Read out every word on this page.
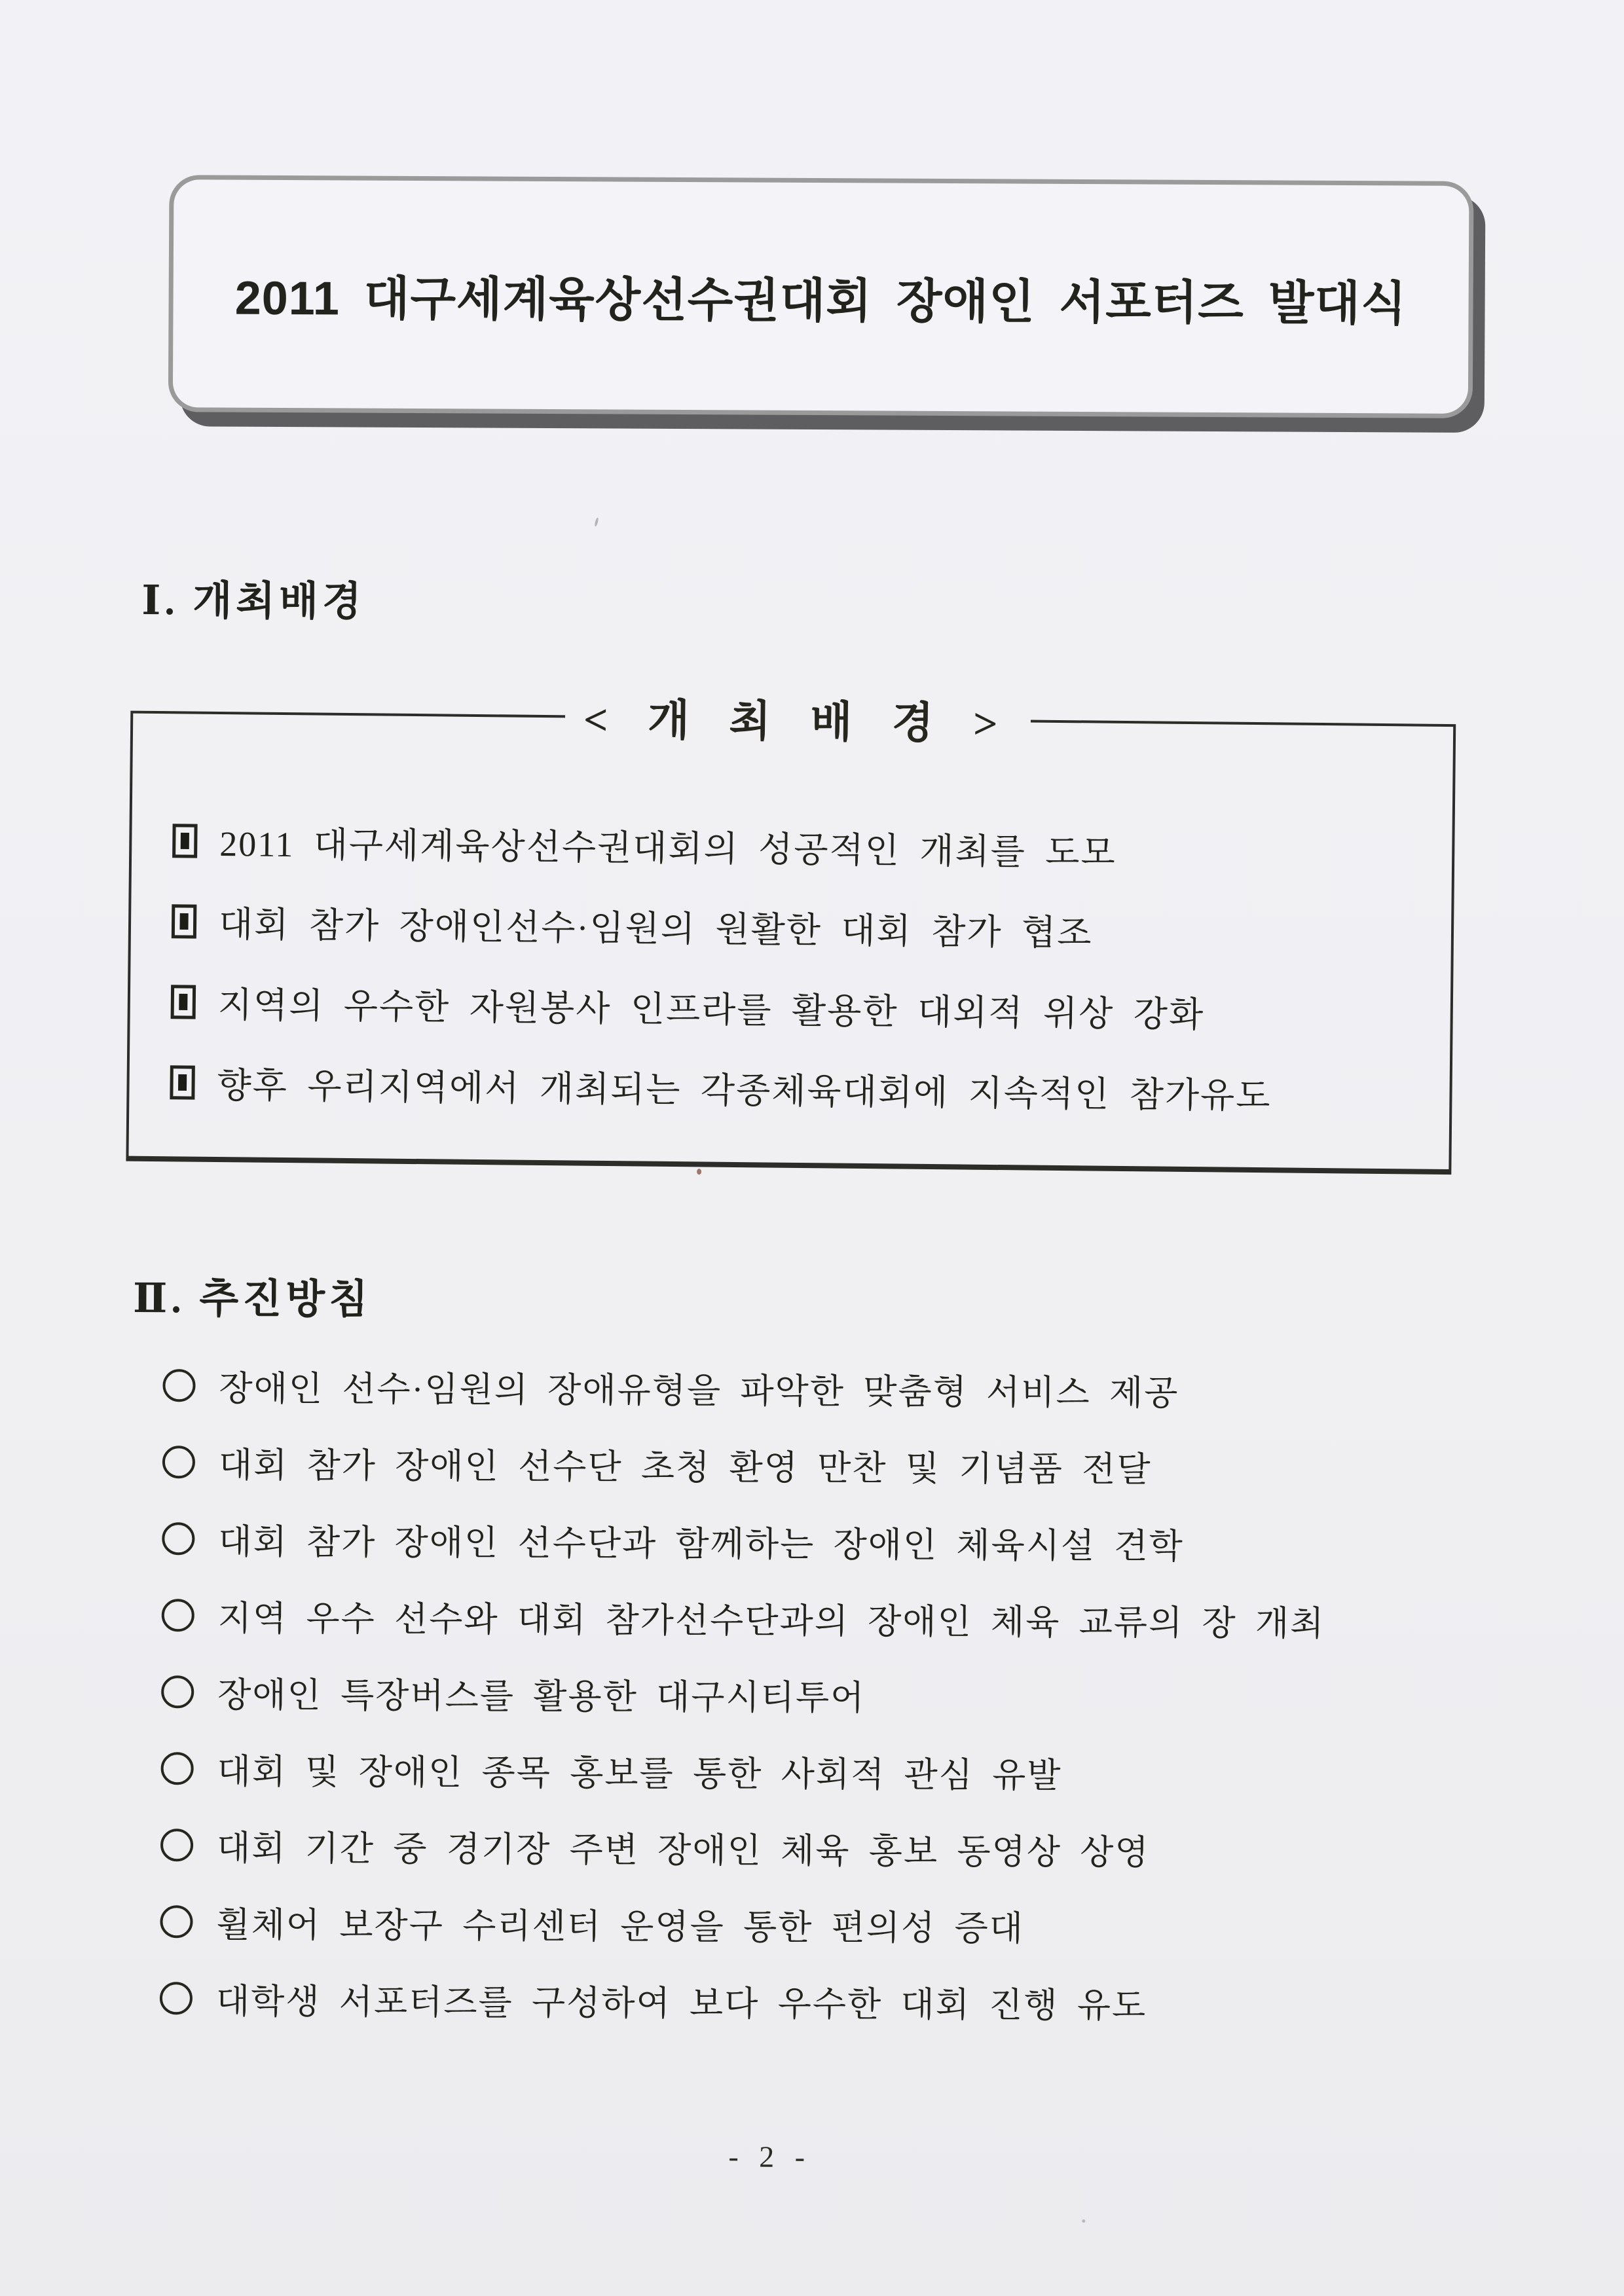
2011 대구세계육상선수권대회 장애인 서포터즈 발대식
Ⅰ. 개최배경
< 개 최 배 경 >
2011 대구세계육상선수권대회의 성공적인 개최를 도모
대회 참가 장애인선수·임원의 원활한 대회 참가 협조
지역의 우수한 자원봉사 인프라를 활용한 대외적 위상 강화
향후 우리지역에서 개최되는 각종체육대회에 지속적인 참가유도
Ⅱ. 추진방침
장애인 선수·임원의 장애유형을 파악한 맞춤형 서비스 제공
대회 참가 장애인 선수단 초청 환영 만찬 및 기념품 전달
대회 참가 장애인 선수단과 함께하는 장애인 체육시설 견학
지역 우수 선수와 대회 참가선수단과의 장애인 체육 교류의 장 개최
장애인 특장버스를 활용한 대구시티투어
대회 및 장애인 종목 홍보를 통한 사회적 관심 유발
대회 기간 중 경기장 주변 장애인 체육 홍보 동영상 상영
휠체어 보장구 수리센터 운영을 통한 편의성 증대
대학생 서포터즈를 구성하여 보다 우수한 대회 진행 유도
- 2 -
